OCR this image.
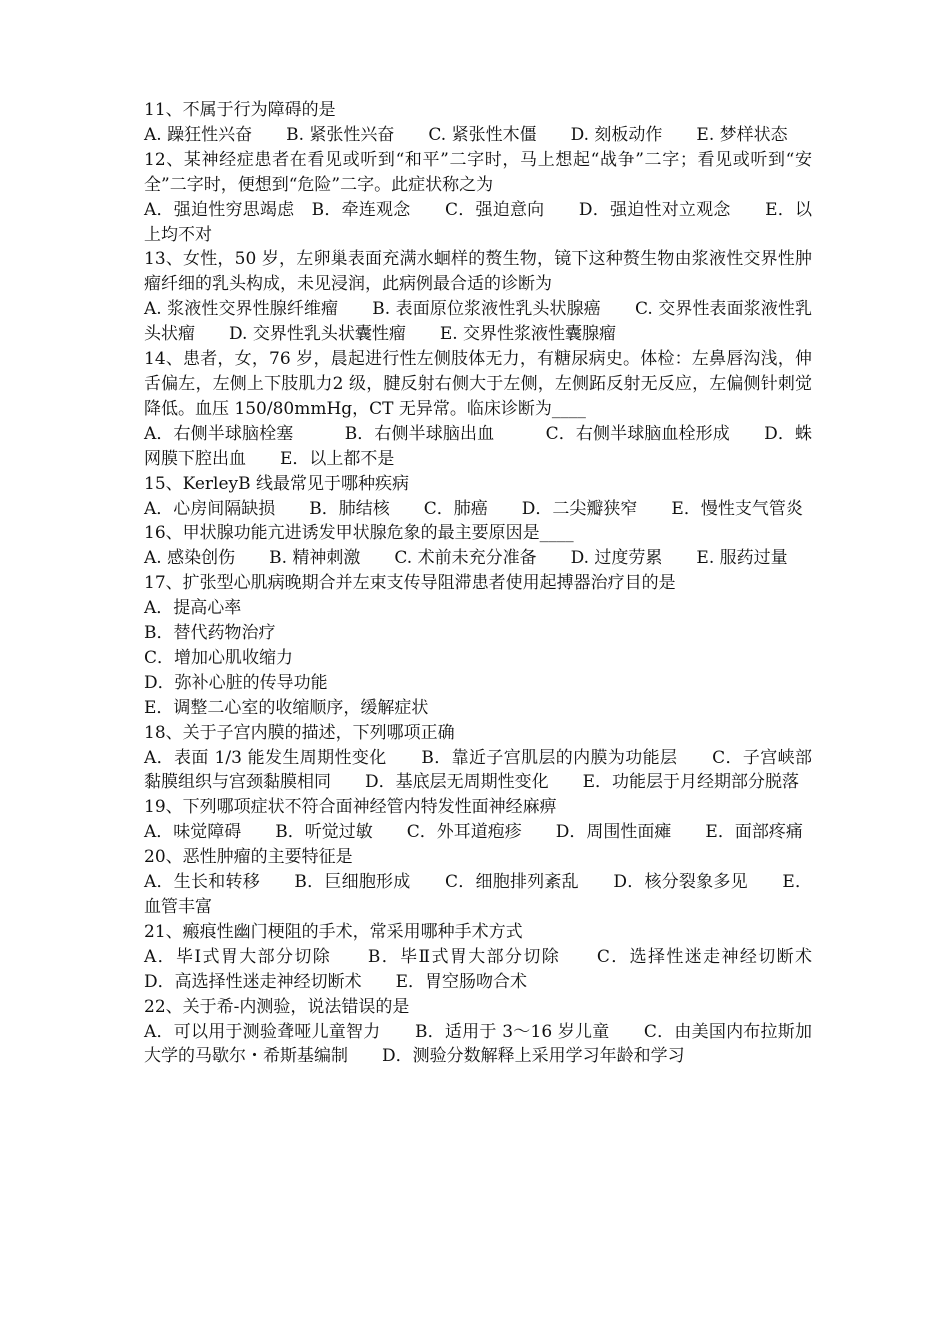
11、不属于行为障碍的是

A. 躁狂性兴奋　　B. 紧张性兴奋　　C. 紧张性木僵　　D. 刻板动作　　E. 梦样状态

12、某神经症患者在看见或听到“和平”二字时，马上想起“战争”二字；看见或听到“安全”二字时，便想到“危险”二字。此症状称之为

A．强迫性穷思竭虑　B．牵连观念　　C．强迫意向　　D．强迫性对立观念　　E．以上均不对

13、女性，50 岁，左卵巢表面充满水蛔样的赘生物，镜下这种赘生物由浆液性交界性肿瘤纤细的乳头构成，未见浸润，此病例最合适的诊断为

A. 浆液性交界性腺纤维瘤　　B. 表面原位浆液性乳头状腺癌　　C. 交界性表面浆液性乳头状瘤　　D. 交界性乳头状囊性瘤　　E. 交界性浆液性囊腺瘤

14、患者，女，76 岁，晨起进行性左侧肢体无力，有糖尿病史。体检：左鼻唇沟浅，伸舌偏左，左侧上下肢肌力2 级，腱反射右侧大于左侧，左侧跖反射无反应，左偏侧针刺觉降低。血压 150/80mmHg，CT 无异常。临床诊断为____

A．右侧半球脑栓塞　　　B．右侧半球脑出血　　　C．右侧半球脑血栓形成　　D．蛛网膜下腔出血　　E．以上都不是

15、KerleyB 线最常见于哪种疾病

A．心房间隔缺损　　B．肺结核　　C．肺癌　　D．二尖瓣狭窄　　E．慢性支气管炎

16、甲状腺功能亢进诱发甲状腺危象的最主要原因是____

A. 感染创伤　　B. 精神刺激　　C. 术前未充分准备　　D. 过度劳累　　E. 服药过量

17、扩张型心肌病晚期合并左束支传导阻滞患者使用起搏器治疗目的是

A．提高心率

B．替代药物治疗

C．增加心肌收缩力

D．弥补心脏的传导功能

E．调整二心室的收缩顺序，缓解症状

18、关于子宫内膜的描述，下列哪项正确

A．表面 1/3 能发生周期性变化　　B．靠近子宫肌层的内膜为功能层　　C．子宫峡部黏膜组织与宫颈黏膜相同　　D．基底层无周期性变化　　E．功能层于月经期部分脱落

19、下列哪项症状不符合面神经管内特发性面神经麻痹

A．味觉障碍　　B．听觉过敏　　C．外耳道疱疹　　D．周围性面瘫　　E．面部疼痛

20、恶性肿瘤的主要特征是

A．生长和转移　　B．巨细胞形成　　C．细胞排列紊乱　　D．核分裂象多见　　E．血管丰富

21、瘢痕性幽门梗阻的手术，常采用哪种手术方式

A．毕Ⅰ式胃大部分切除　　B．毕Ⅱ式胃大部分切除　　C．选择性迷走神经切断术　　D．高选择性迷走神经切断术　　E．胃空肠吻合术

22、关于希-内测验，说法错误的是

A．可以用于测验聋哑儿童智力　　B．适用于 3～16 岁儿童　　C．由美国内布拉斯加大学的马歇尔・希斯基编制　　D．测验分数解释上采用学习年龄和学习
